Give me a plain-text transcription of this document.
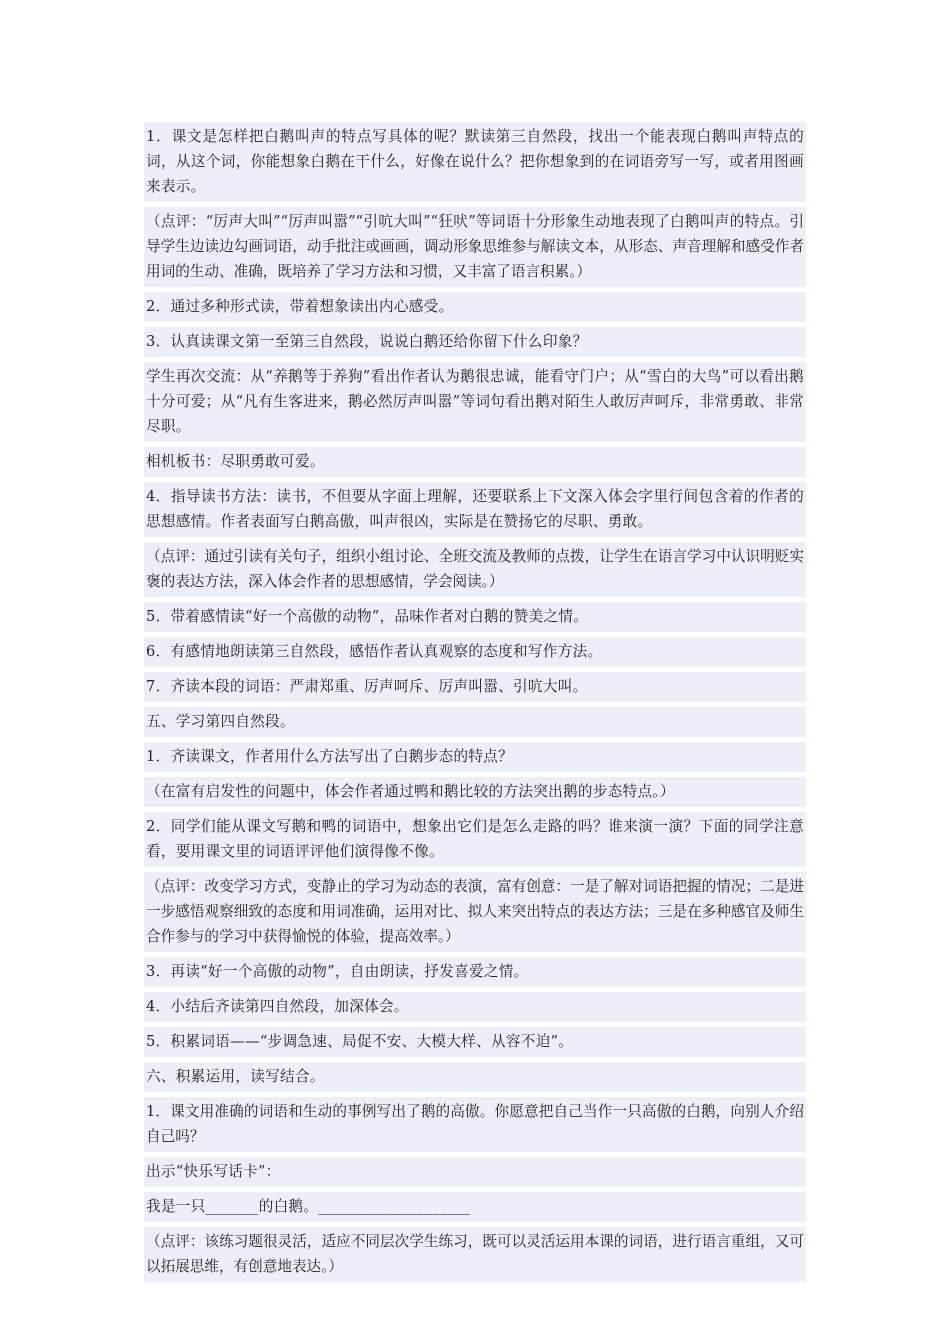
1．课文是怎样把白鹅叫声的特点写具体的呢？默读第三自然段，找出一个能表现白鹅叫声特点的词，从这个词，你能想象白鹅在干什么，好像在说什么？把你想象到的在词语旁写一写，或者用图画来表示。

（点评：“厉声大叫”“厉声叫嚣”“引吭大叫”“狂吠”等词语十分形象生动地表现了白鹅叫声的特点。引导学生边读边勾画词语，动手批注或画画，调动形象思维参与解读文本，从形态、声音理解和感受作者用词的生动、准确，既培养了学习方法和习惯，又丰富了语言积累。）

2．通过多种形式读，带着想象读出内心感受。

3．认真读课文第一至第三自然段，说说白鹅还给你留下什么印象？

学生再次交流：从“养鹅等于养狗”看出作者认为鹅很忠诚，能看守门户；从“雪白的大鸟”可以看出鹅十分可爱；从“凡有生客进来，鹅必然厉声叫嚣”等词句看出鹅对陌生人敢厉声呵斥，非常勇敢、非常尽职。

相机板书：尽职勇敢可爱。

4．指导读书方法：读书，不但要从字面上理解，还要联系上下文深入体会字里行间包含着的作者的思想感情。作者表面写白鹅高傲，叫声很凶，实际是在赞扬它的尽职、勇敢。

（点评：通过引读有关句子，组织小组讨论、全班交流及教师的点拨，让学生在语言学习中认识明贬实褒的表达方法，深入体会作者的思想感情，学会阅读。）

5．带着感情读“好一个高傲的动物”，品味作者对白鹅的赞美之情。

6．有感情地朗读第三自然段，感悟作者认真观察的态度和写作方法。

7．齐读本段的词语：严肃郑重、厉声呵斥、厉声叫嚣、引吭大叫。

五、学习第四自然段。

1．齐读课文，作者用什么方法写出了白鹅步态的特点？

（在富有启发性的问题中，体会作者通过鸭和鹅比较的方法突出鹅的步态特点。）

2．同学们能从课文写鹅和鸭的词语中，想象出它们是怎么走路的吗？谁来演一演？下面的同学注意看，要用课文里的词语评评他们演得像不像。

（点评：改变学习方式，变静止的学习为动态的表演，富有创意：一是了解对词语把握的情况；二是进一步感悟观察细致的态度和用词准确，运用对比、拟人来突出特点的表达方法；三是在多种感官及师生合作参与的学习中获得愉悦的体验，提高效率。）

3．再读“好一个高傲的动物”，自由朗读，抒发喜爱之情。

4．小结后齐读第四自然段，加深体会。

5．积累词语——“步调急速、局促不安、大模大样、从容不迫”。

六、积累运用，读写结合。

1．课文用准确的词语和生动的事例写出了鹅的高傲。你愿意把自己当作一只高傲的白鹅，向别人介绍自己吗？

出示“快乐写话卡”：

我是一只_______的白鹅。____________________

（点评：该练习题很灵活，适应不同层次学生练习，既可以灵活运用本课的词语，进行语言重组，又可以拓展思维，有创意地表达。）
